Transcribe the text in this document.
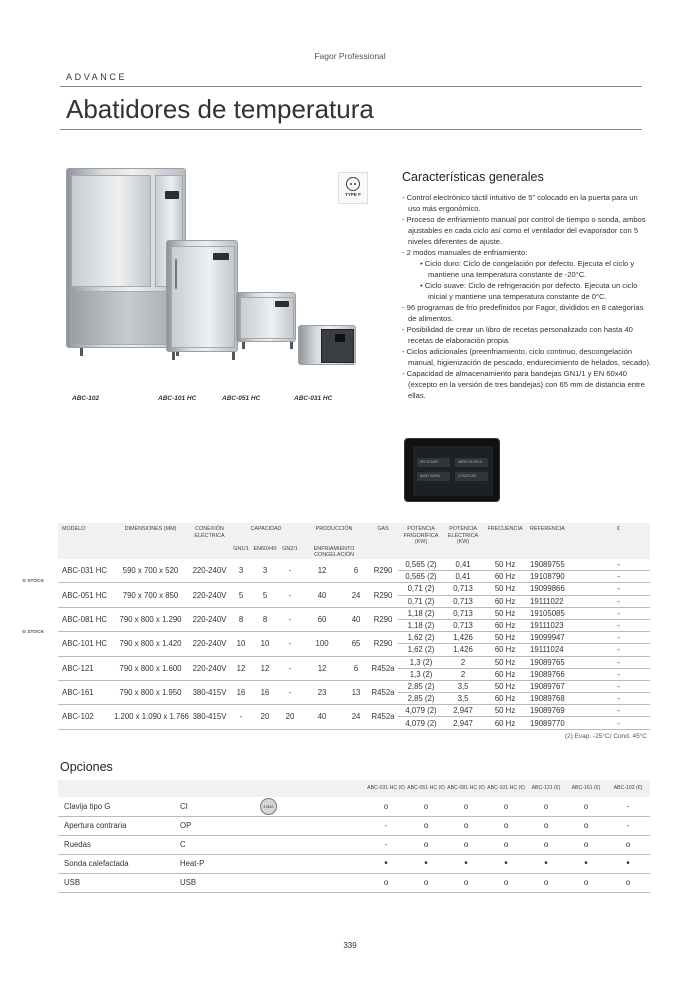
Fagor Professional
ADVANCE
Abatidores de temperatura
ABC-102	ABC-101 HC	ABC-051 HC	ABC-031 HC
TYPE F
Características generales
- Control electrónico táctil intuitivo de 5" colocado en la puerta para un uso más ergonómico.
- Proceso de enfriamiento manual por control de tiempo o sonda, ambos ajustables en cada ciclo así como el ventilador del evaporador con 5 niveles diferentes de ajuste.
- 2 modos manuales de enfriamiento:
• Ciclo duro: Ciclo de congelación por defecto. Ejecuta el ciclo y mantiene una temperatura constante de -20°C.
• Ciclo suave: Ciclo de refrigeración por defecto. Ejecuta un ciclo inicial y mantiene una temperatura constante de 0°C.
- 96 programas de frío predefinidos por Fagor, divididos en 8 categorías de alimentos.
- Posibilidad de crear un libro de recetas personalizado con hasta 40 recetas de elaboración propia.
- Ciclos adicionales (preenfriamiento, ciclo continuo, descongelación manual, higienización de pescado, endurecimiento de helados, secado).
- Capacidad de almacenamiento para bandejas GN1/1 y EN 60x40 (excepto en la versión de tres bandejas) con 65 mm de distancia entre ellas.
RECETARIO	ABRIR FILTROS
BAÑO MARÍA	CONGELAR
⊙ STOCK
⊙ STOCK
MODELO	DIMENSIONES (MM)	CONEXIÓN ELÉCTRICA	CAPACIDAD			PRODUCCIÓN		GAS	POTENCIA FRIGORÍFICA (KW)	POTENCIA ELÉCTRICA (KW)	FRECUENCIA	REFERENCIA	€
			GN1/1	EN60X40	GN2/1	ENFRIAMIENTO CONGELACIÓN							
ABC-031 HC	590 x 700 x 520	220-240V	3	3	-	12	6	R290	0,565 (2)	0,41	50 Hz	19089755	-
									0,565 (2)	0,41	60 Hz	19108790	-
ABC-051 HC	790 x 700 x 850	220-240V	5	5	-	40	24	R290	0,71 (2)	0,713	50 Hz	19099866	-
									0,71 (2)	0,713	60 Hz	19111022	-
ABC-081 HC	790 x 800 x 1.290	220-240V	8	8	-	60	40	R290	1,18 (2)	0,713	50 Hz	19105085	-
									1,18 (2)	0,713	60 Hz	19111023	-
ABC-101 HC	790 x 800 x 1.420	220-240V	10	10	-	100	65	R290	1,62 (2)	1,426	50 Hz	19099947	-
									1,62 (2)	1,426	60 Hz	19111024	-
ABC-121	790 x 800 x 1.600	220-240V	12	12	-	12	6	R452a	1,3 (2)	2	50 Hz	19089765	-
									1,3 (2)	2	60 Hz	19089766	-
ABC-161	790 x 800 x 1.950	380-415V	16	16	-	23	13	R452a	2,85 (2)	3,5	50 Hz	19089767	-
									2,85 (2)	3,5	60 Hz	19089768	-
ABC-102	1.200 x 1.090 x 1.766	380-415V	-	20	20	40	24	R452a	4,079 (2)	2,947	50 Hz	19089769	-
									4,079 (2)	2,947	60 Hz	19089770	-
(2) Evap. -25°C/ Cond. 45°C
Opciones
			ABC-031 HC (€)	ABC-051 HC (€)	ABC-081 HC (€)	ABC-101 HC (€)	ABC-121 (€)	ABC-161 (€)	ABC-102 (€)
Clavija tipo G	CI	3 DÍAS	o	o	o	o	o	o	-
Apertura contraria	OP		-	o	o	o	o	o	-
Ruedas	C		-	o	o	o	o	o	o
Sonda calefactada	Heat-P		•	•	•	•	•	•	•
USB	USB		o	o	o	o	o	o	o
339
